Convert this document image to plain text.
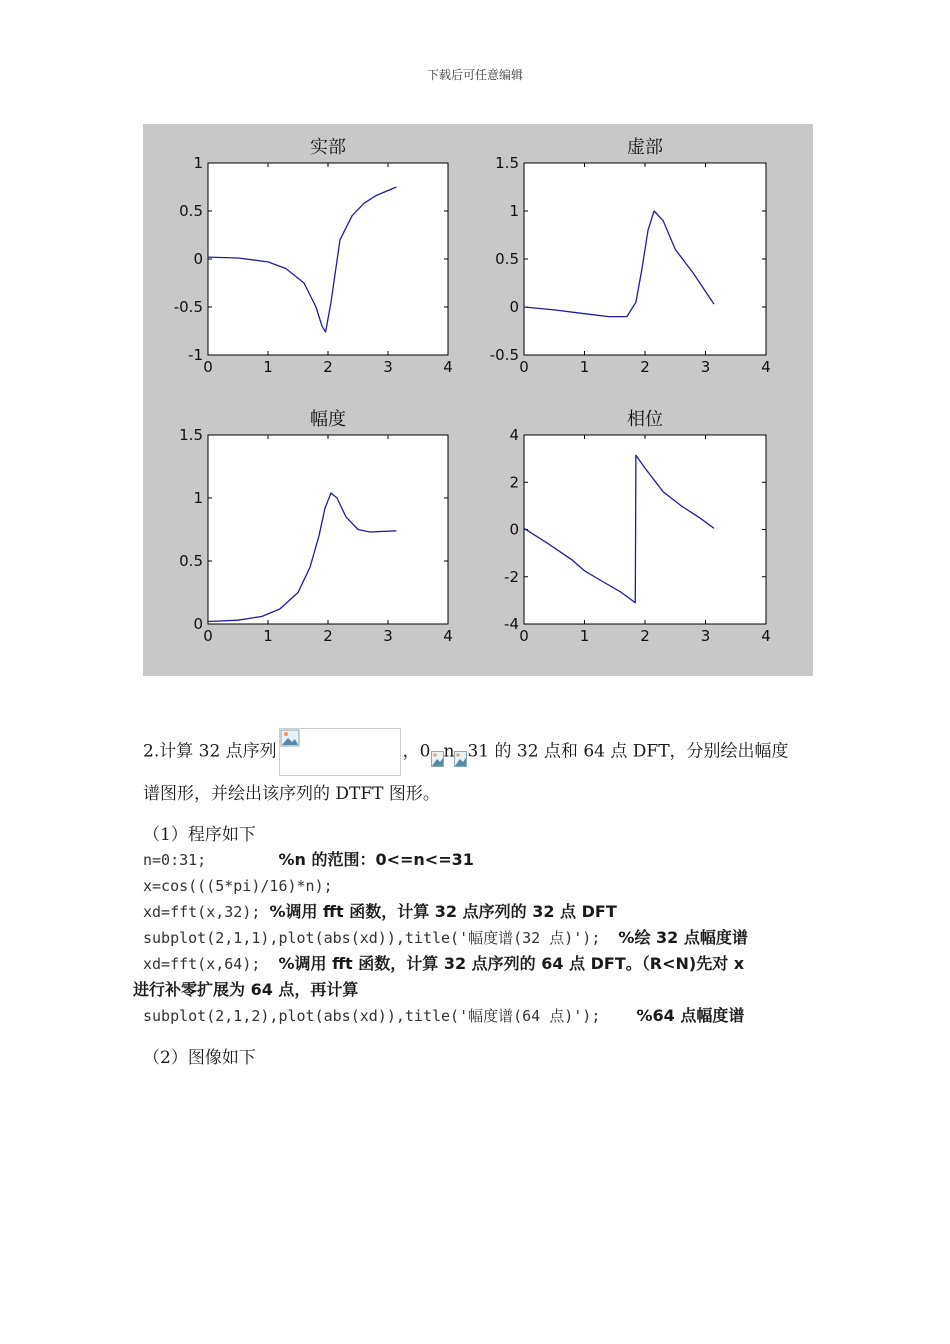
下载后可任意编辑
实部
0	1	2	3	4
1
0.5
0
-0.5
-1
虚部
0	1	2	3	4
1.5
1
0.5
0
-0.5
幅度
0	1	2	3	4
1.5
1
0.5
0
相位
0	1	2	3	4
4
2
0
-2
-4
2.计算 32 点序列	，0 n 31 的 32 点和 64 点 DFT，分别绘出幅度
谱图形，并绘出该序列的 DTFT 图形。
（1）程序如下
n=0:31;        %n 的范围：0<=n<=31
x=cos(((5*pi)/16)*n);
xd=fft(x,32); %调用 fft 函数，计算 32 点序列的 32 点 DFT
subplot(2,1,1),plot(abs(xd)),title('幅度谱(32 点)');  %绘 32 点幅度谱
xd=fft(x,64);  %调用 fft 函数，计算 32 点序列的 64 点 DFT。（R<N)先对 x
进行补零扩展为 64 点，再计算
subplot(2,1,2),plot(abs(xd)),title('幅度谱(64 点)');    %64 点幅度谱
（2）图像如下
